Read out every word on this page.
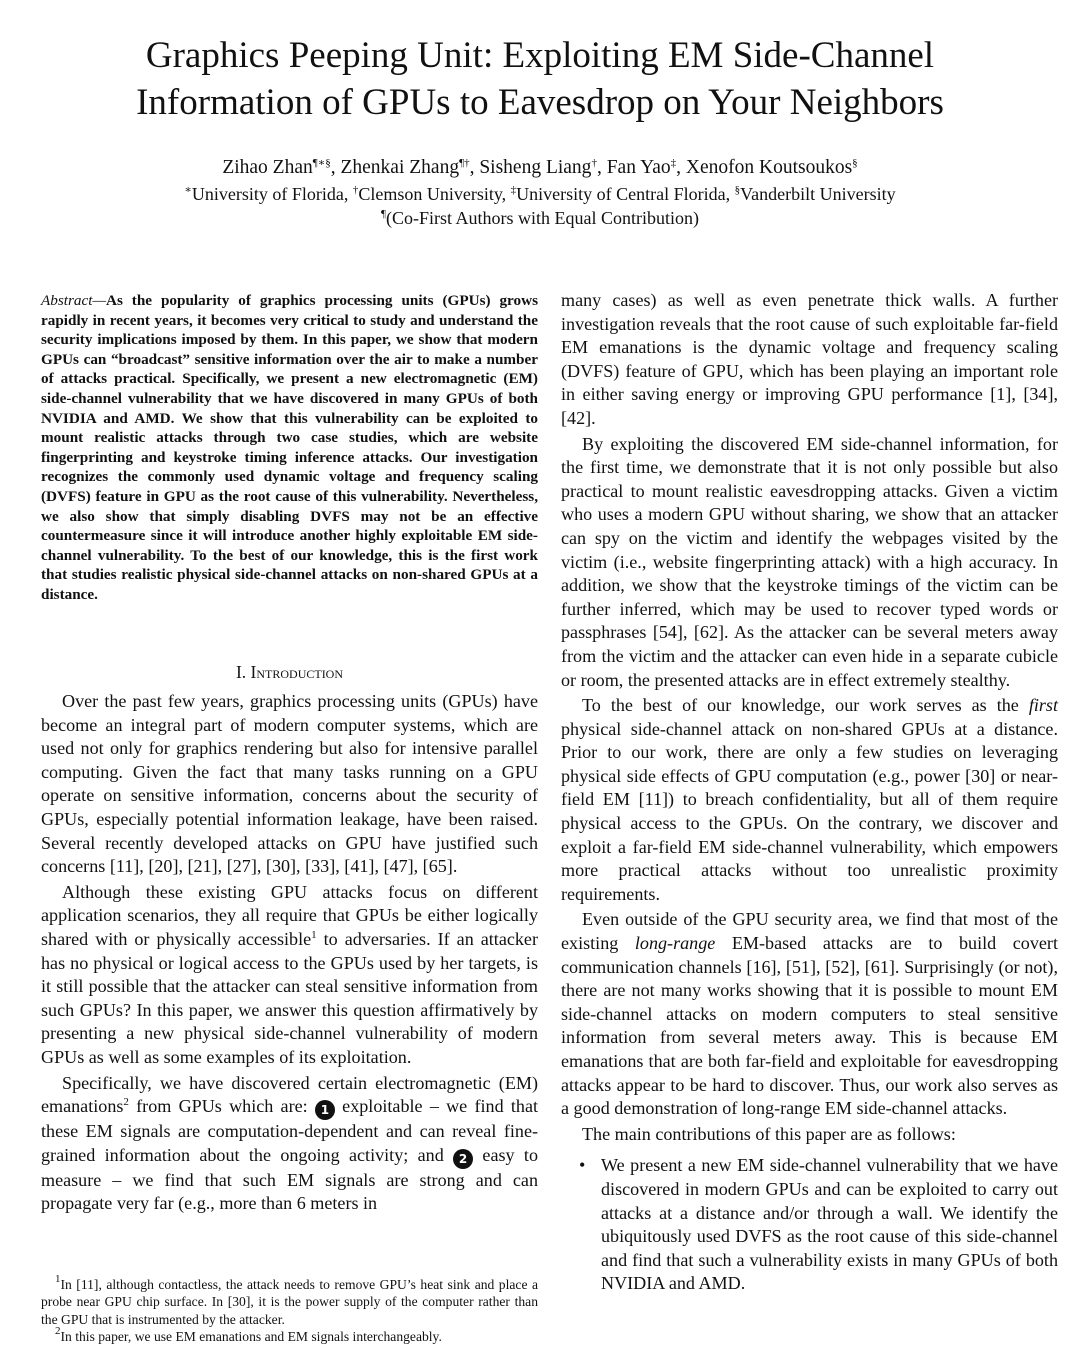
Graphics Peeping Unit: Exploiting EM Side-Channel
Information of GPUs to Eavesdrop on Your Neighbors
Zihao Zhan¶∗§, Zhenkai Zhang¶†, Sisheng Liang†, Fan Yao‡, Xenofon Koutsoukos§
∗University of Florida, †Clemson University, ‡University of Central Florida, §Vanderbilt University
¶(Co-First Authors with Equal Contribution)
Abstract—As the popularity of graphics processing units (GPUs) grows rapidly in recent years, it becomes very critical to study and understand the security implications imposed by them. In this paper, we show that modern GPUs can “broadcast” sensitive information over the air to make a number of attacks practical. Specifically, we present a new electromagnetic (EM) side-channel vulnerability that we have discovered in many GPUs of both NVIDIA and AMD. We show that this vulnerability can be exploited to mount realistic attacks through two case studies, which are website fingerprinting and keystroke timing inference attacks. Our investigation recognizes the commonly used dynamic voltage and frequency scaling (DVFS) feature in GPU as the root cause of this vulnerability. Nevertheless, we also show that simply disabling DVFS may not be an effective countermeasure since it will introduce another highly exploitable EM side-channel vulnerability. To the best of our knowledge, this is the first work that studies realistic physical side-channel attacks on non-shared GPUs at a distance.
I. Introduction

Over the past few years, graphics processing units (GPUs) have become an integral part of modern computer systems, which are used not only for graphics rendering but also for intensive parallel computing. Given the fact that many tasks running on a GPU operate on sensitive information, concerns about the security of GPUs, especially potential information leakage, have been raised. Several recently developed attacks on GPU have justified such concerns [11], [20], [21], [27], [30], [33], [41], [47], [65].

Although these existing GPU attacks focus on different application scenarios, they all require that GPUs be either logically shared with or physically accessible$^1$ to adversaries. If an attacker has no physical or logical access to the GPUs used by her targets, is it still possible that the attacker can steal sensitive information from such GPUs? In this paper, we answer this question affirmatively by presenting a new physical side-channel vulnerability of modern GPUs as well as some examples of its exploitation.

Specifically, we have discovered certain electromagnetic (EM) emanations$^2$ from GPUs which are: 1 exploitable – we find that these EM signals are computation-dependent and can reveal fine-grained information about the ongoing activity; and 2 easy to measure – we find that such EM signals are strong and can propagate very far (e.g., more than 6 meters in

$^1$In [11], although contactless, the attack needs to remove GPU’s heat sink and place a probe near GPU chip surface. In [30], it is the power supply of the computer rather than the GPU that is instrumented by the attacker.

$^2$In this paper, we use EM emanations and EM signals interchangeably.

many cases) as well as even penetrate thick walls. A further investigation reveals that the root cause of such exploitable far-field EM emanations is the dynamic voltage and frequency scaling (DVFS) feature of GPU, which has been playing an important role in either saving energy or improving GPU performance [1], [34], [42].

By exploiting the discovered EM side-channel information, for the first time, we demonstrate that it is not only possible but also practical to mount realistic eavesdropping attacks. Given a victim who uses a modern GPU without sharing, we show that an attacker can spy on the victim and identify the webpages visited by the victim (i.e., website fingerprinting attack) with a high accuracy. In addition, we show that the keystroke timings of the victim can be further inferred, which may be used to recover typed words or passphrases [54], [62]. As the attacker can be several meters away from the victim and the attacker can even hide in a separate cubicle or room, the presented attacks are in effect extremely stealthy.

To the best of our knowledge, our work serves as the first physical side-channel attack on non-shared GPUs at a distance. Prior to our work, there are only a few studies on leveraging physical side effects of GPU computation (e.g., power [30] or near-field EM [11]) to breach confidentiality, but all of them require physical access to the GPUs. On the contrary, we discover and exploit a far-field EM side-channel vulnerability, which empowers more practical attacks without too unrealistic proximity requirements.

Even outside of the GPU security area, we find that most of the existing long-range EM-based attacks are to build covert communication channels [16], [51], [52], [61]. Surprisingly (or not), there are not many works showing that it is possible to mount EM side-channel attacks on modern computers to steal sensitive information from several meters away. This is because EM emanations that are both far-field and exploitable for eavesdropping attacks appear to be hard to discover. Thus, our work also serves as a good demonstration of long-range EM side-channel attacks.

The main contributions of this paper are as follows:

• We present a new EM side-channel vulnerability that we have discovered in modern GPUs and can be exploited to carry out attacks at a distance and/or through a wall. We identify the ubiquitously used DVFS as the root cause of this side-channel and find that such a vulnerability exists in many GPUs of both NVIDIA and AMD.
